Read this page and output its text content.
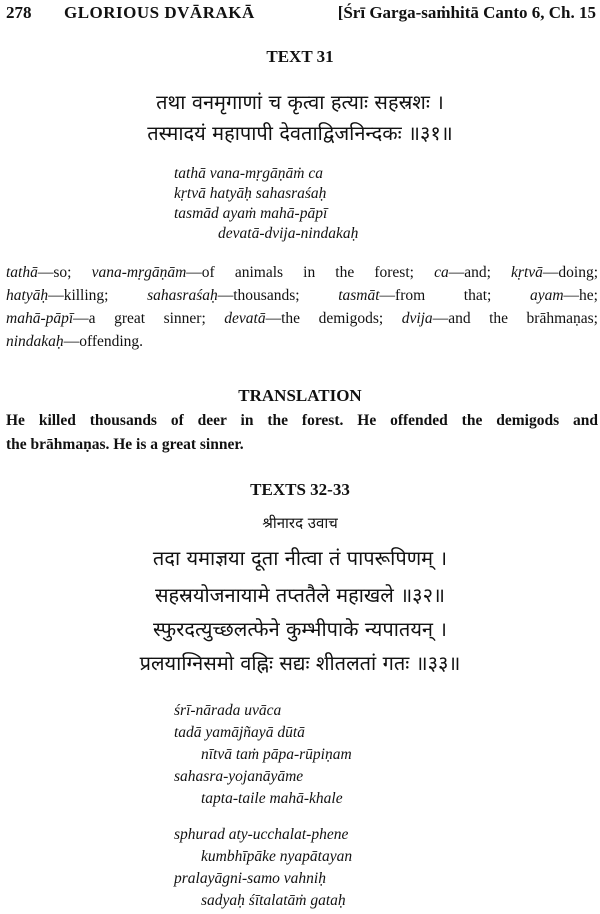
278 GLORIOUS DVĀRAKĀ	[Śrī Garga-saṁhitā Canto 6, Ch. 15
TEXT 31
तथा वनमृगाणां च कृत्वा हत्याः सहस्रशः ।
तस्मादयं महापापी देवताद्विजनिन्दकः ॥३१॥
tathā vana-mṛgāṇāṁ ca
kṛtvā hatyāḥ sahasraśaḥ
tasmād ayaṁ mahā-pāpī
devatā-dvija-nindakaḥ
tathā—so; vana-mṛgāṇām—of animals in the forest; ca—and; kṛtvā—doing;
hatyāḥ—killing; sahasraśaḥ—thousands; tasmāt—from that; ayam—he;
mahā-pāpī—a great sinner; devatā—the demigods; dvija—and the brāhmaṇas;
nindakaḥ—offending.
TRANSLATION
He killed thousands of deer in the forest. He offended the demigods and
the brāhmaṇas. He is a great sinner.
TEXTS 32-33
श्रीनारद उवाच
तदा यमाज्ञया दूता नीत्वा तं पापरूपिणम् ।
सहस्रयोजनायामे तप्ततैले महाखले ॥३२॥
स्फुरदत्युच्छलत्फेने कुम्भीपाके न्यपातयन् ।
प्रलयाग्निसमो वह्निः सद्यः शीतलतां गतः ॥३३॥
śrī-nārada uvāca
tadā yamājñayā dūtā
nītvā taṁ pāpa-rūpiṇam
sahasra-yojanāyāme
tapta-taile mahā-khale
sphurad aty-ucchalat-phene
kumbhīpāke nyapātayan
pralayāgni-samo vahniḥ
sadyaḥ śītalatāṁ gataḥ
